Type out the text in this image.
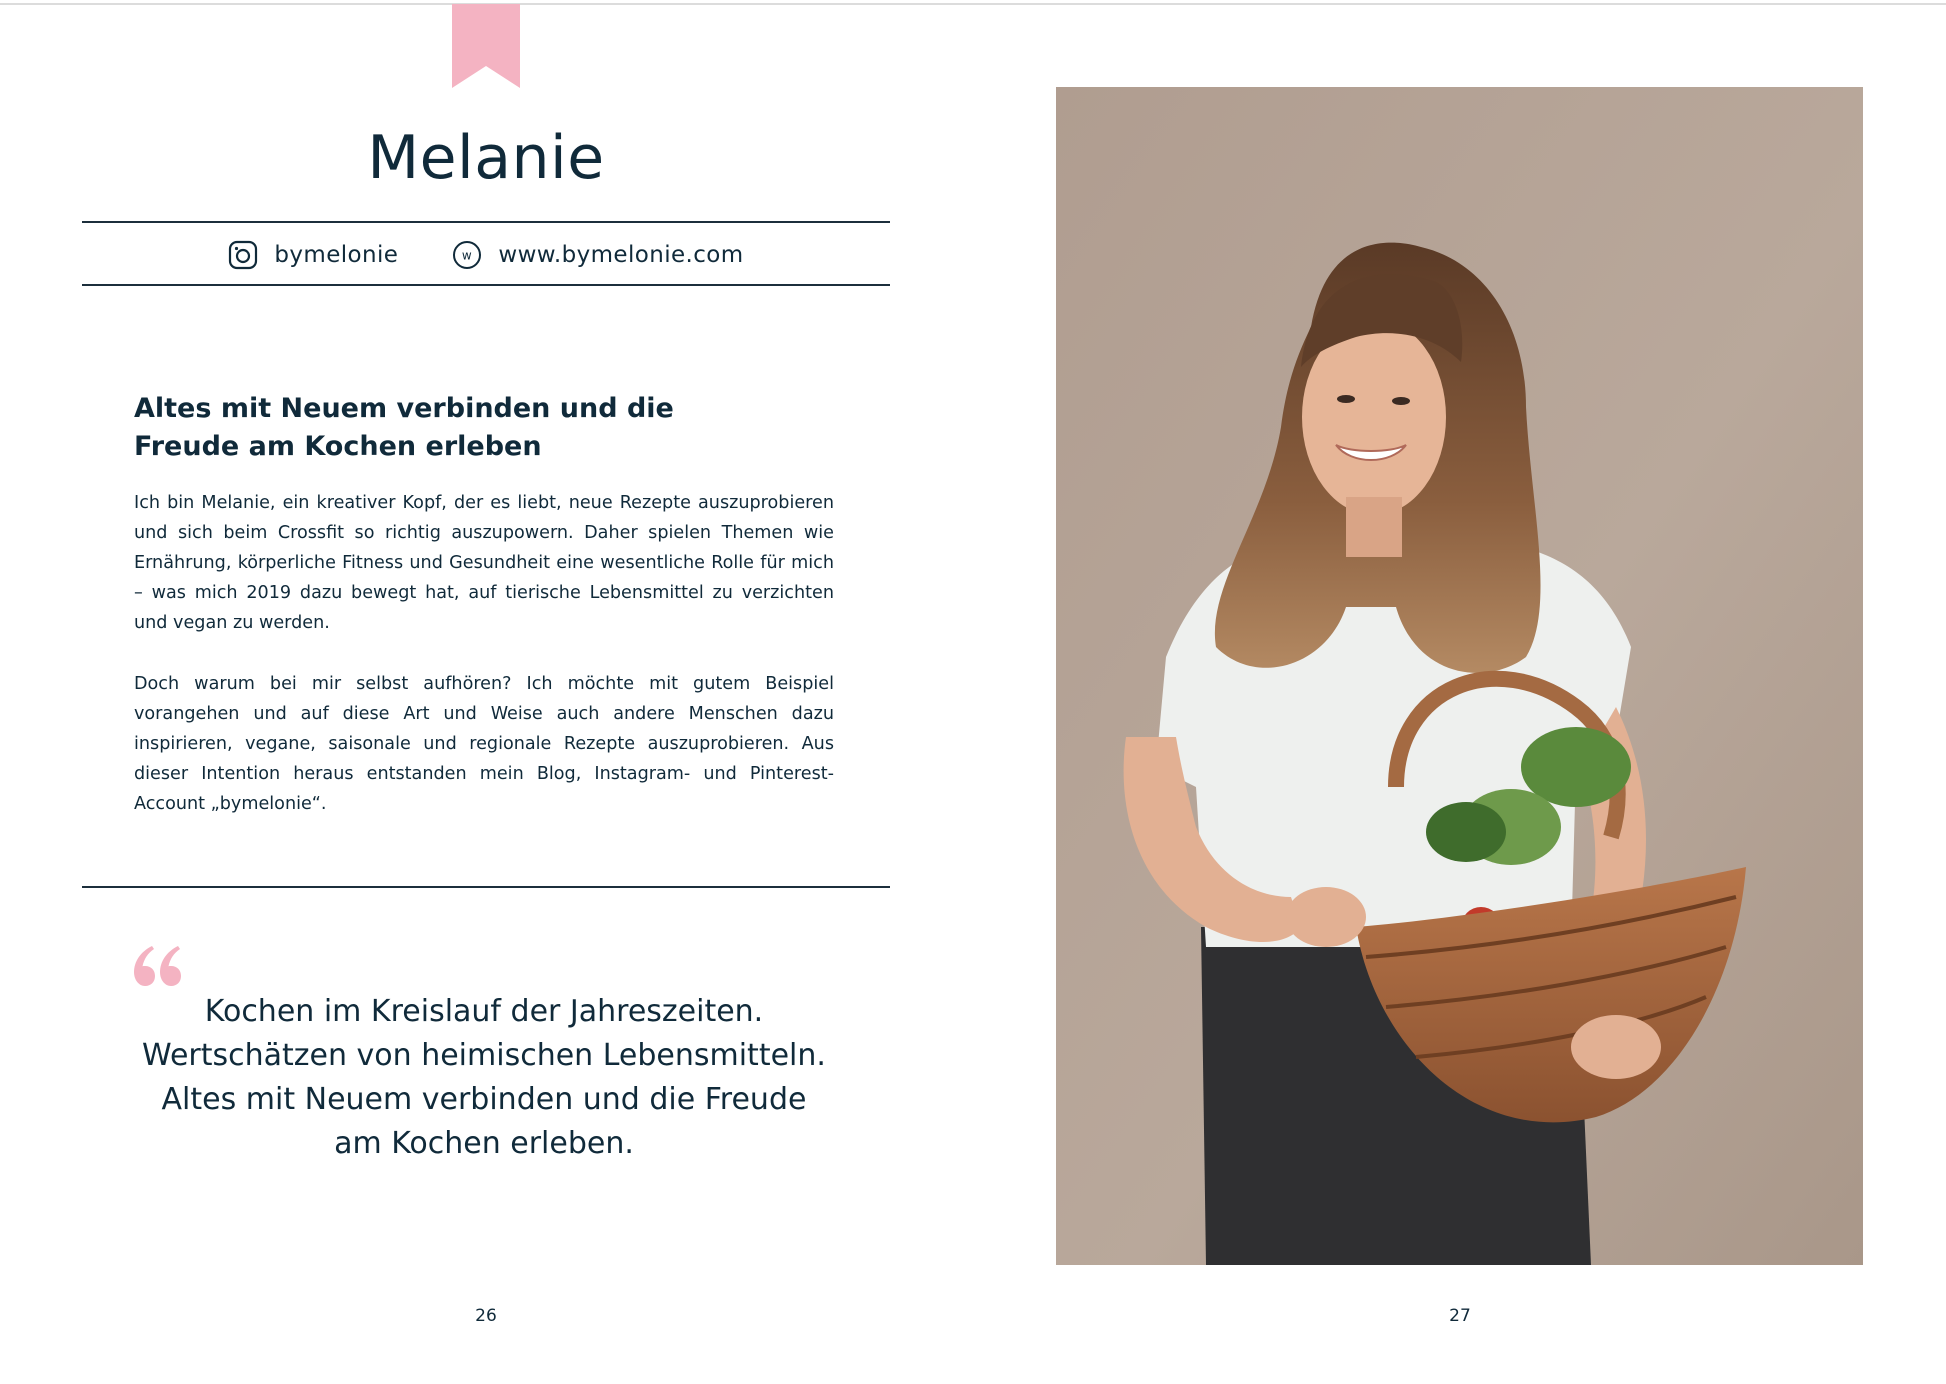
Melanie
bymelonie	w www.bymelonie.com
Altes mit Neuem verbinden und die
Freude am Kochen erleben

Ich bin Melanie, ein kreativer Kopf, der es liebt, neue Rezepte auszuprobieren und sich beim Crossfit so richtig auszupowern. Daher spielen Themen wie Ernährung, körperliche Fitness und Gesundheit eine wesentliche Rolle für mich – was mich 2019 dazu bewegt hat, auf tierische Lebensmittel zu verzichten und vegan zu werden.

Doch warum bei mir selbst aufhören? Ich möchte mit gutem Beispiel vorangehen und auf diese Art und Weise auch andere Menschen dazu inspirieren, vegane, saisonale und regionale Rezepte auszuprobieren. Aus dieser Intention heraus entstanden mein Blog, Instagram- und Pinterest-Account „bymelonie“.

Kochen im Kreislauf der Jahreszeiten.
Wertschätzen von heimischen Lebensmitteln.
Altes mit Neuem verbinden und die Freude
am Kochen erleben.

26	27
